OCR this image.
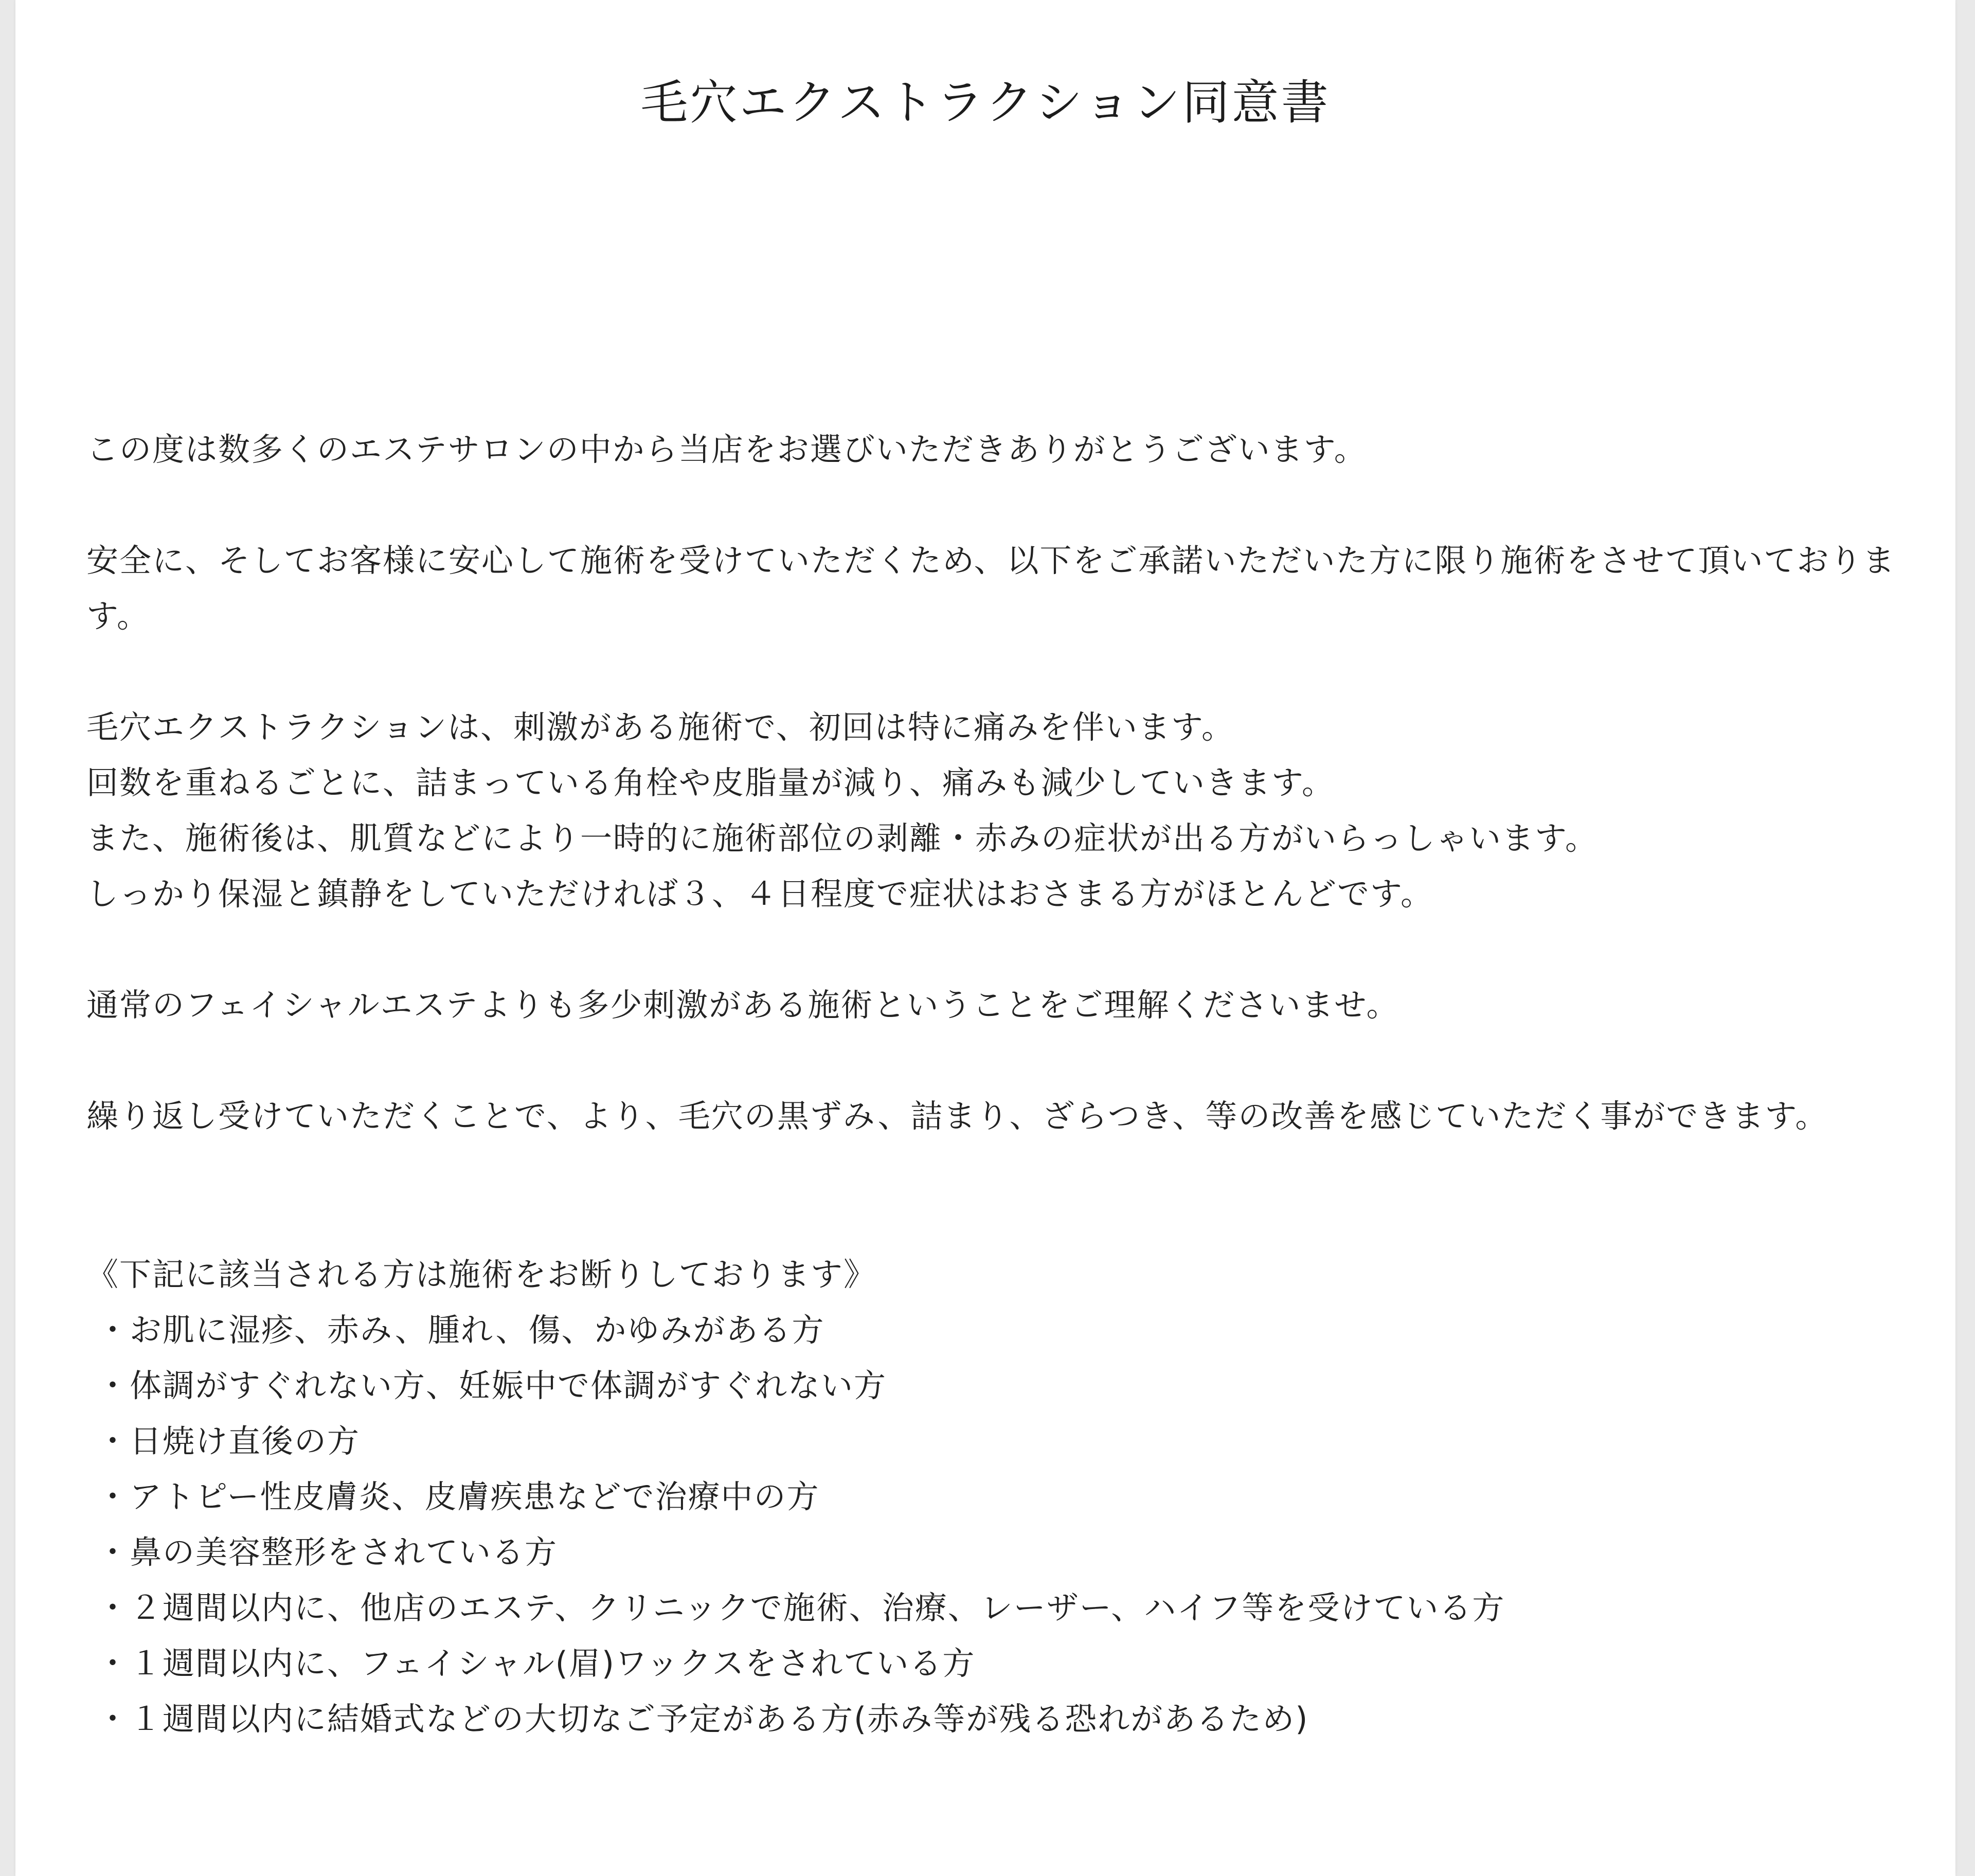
毛穴エクストラクション同意書

この度は数多くのエステサロンの中から当店をお選びいただきありがとうございます。

安全に、そしてお客様に安心して施術を受けていただくため、以下をご承諾いただいた方に限り施術をさせて頂いております。

毛穴エクストラクションは、刺激がある施術で、初回は特に痛みを伴います。

回数を重ねるごとに、詰まっている角栓や皮脂量が減り、痛みも減少していきます。

また、施術後は、肌質などにより一時的に施術部位の剥離・赤みの症状が出る方がいらっしゃいます。

しっかり保湿と鎮静をしていただければ３、４日程度で症状はおさまる方がほとんどです。

通常のフェイシャルエステよりも多少刺激がある施術ということをご理解くださいませ。

繰り返し受けていただくことで、より、毛穴の黒ずみ、詰まり、ざらつき、等の改善を感じていただく事ができます。

《下記に該当される方は施術をお断りしております》

・お肌に湿疹、赤み、腫れ、傷、かゆみがある方
・体調がすぐれない方、妊娠中で体調がすぐれない方
・日焼け直後の方
・アトピー性皮膚炎、皮膚疾患などで治療中の方
・鼻の美容整形をされている方
・２週間以内に、他店のエステ、クリニックで施術、治療、レーザー、ハイフ等を受けている方
・１週間以内に、フェイシャル(眉)ワックスをされている方
・１週間以内に結婚式などの大切なご予定がある方(赤み等が残る恐れがあるため)
